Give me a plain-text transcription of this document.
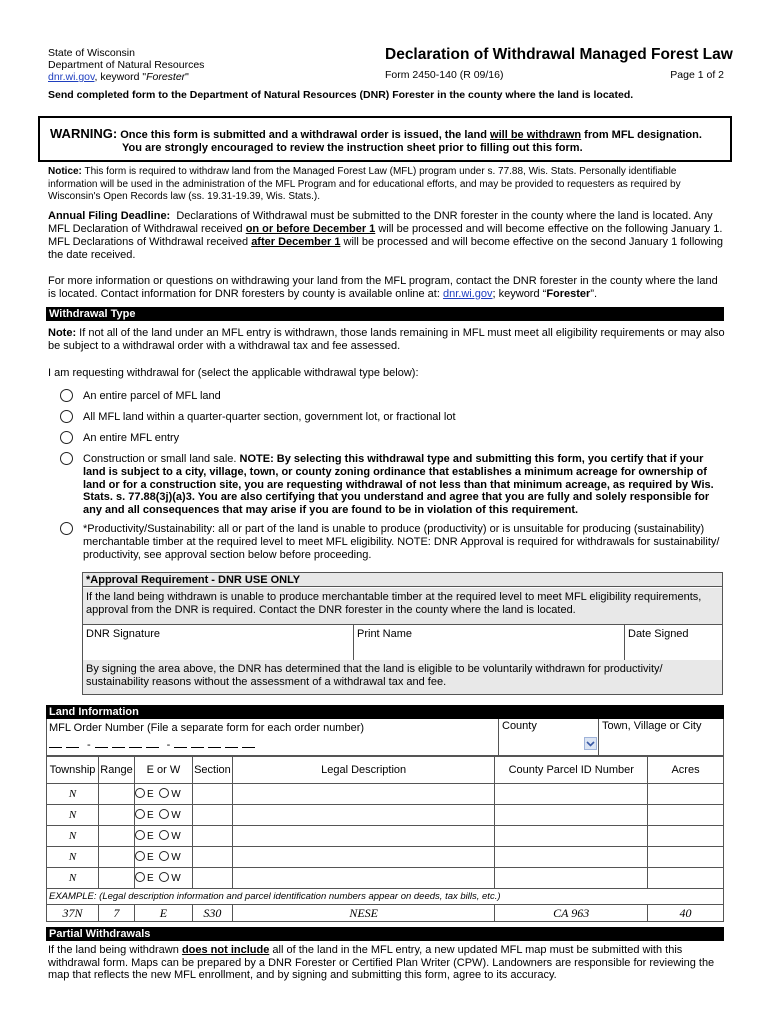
State of Wisconsin
Department of Natural Resources
dnr.wi.gov, keyword "Forester"
Declaration of Withdrawal Managed Forest Law
Form 2450-140 (R 09/16)	Page 1 of 2
Send completed form to the Department of Natural Resources (DNR) Forester in the county where the land is located.
WARNING: Once this form is submitted and a withdrawal order is issued, the land will be withdrawn from MFL designation.
You are strongly encouraged to review the instruction sheet prior to filling out this form.
Notice: This form is required to withdraw land from the Managed Forest Law (MFL) program under s. 77.88, Wis. Stats. Personally identifiable information will be used in the administration of the MFL Program and for educational efforts, and may be provided to requesters as required by Wisconsin's Open Records law (ss. 19.31-19.39, Wis. Stats.).
Annual Filing Deadline: Declarations of Withdrawal must be submitted to the DNR forester in the county where the land is located. Any MFL Declaration of Withdrawal received on or before December 1 will be processed and will become effective on the following January 1. MFL Declarations of Withdrawal received after December 1 will be processed and will become effective on the second January 1 following the date received.
For more information or questions on withdrawing your land from the MFL program, contact the DNR forester in the county where the land is located. Contact information for DNR foresters by county is available online at: dnr.wi.gov; keyword “Forester”.
Withdrawal Type
Note: If not all of the land under an MFL entry is withdrawn, those lands remaining in MFL must meet all eligibility requirements or may also be subject to a withdrawal order with a withdrawal tax and fee assessed.
I am requesting withdrawal for (select the applicable withdrawal type below):
An entire parcel of MFL land
All MFL land within a quarter-quarter section, government lot, or fractional lot
An entire MFL entry
Construction or small land sale. NOTE: By selecting this withdrawal type and submitting this form, you certify that if your land is subject to a city, village, town, or county zoning ordinance that establishes a minimum acreage for ownership of land or for a construction site, you are requesting withdrawal of not less than that minimum acreage, as required by Wis. Stats. s. 77.88(3j)(a)3. You are also certifying that you understand and agree that you are fully and solely responsible for any and all consequences that may arise if you are found to be in violation of this requirement.
*Productivity/Sustainability: all or part of the land is unable to produce (productivity) or is unsuitable for producing (sustainability) merchantable timber at the required level to meet MFL eligibility. NOTE: DNR Approval is required for withdrawals for sustainability/ productivity, see approval section below before proceeding.
*Approval Requirement - DNR USE ONLY
If the land being withdrawn is unable to produce merchantable timber at the required level to meet MFL eligibility requirements, approval from the DNR is required. Contact the DNR forester in the county where the land is located.
DNR Signature	Print Name	Date Signed
By signing the area above, the DNR has determined that the land is eligible to be voluntarily withdrawn for productivity/ sustainability reasons without the assessment of a withdrawal tax and fee.
Land Information
MFL Order Number (File a separate form for each order number)
-	-
County	Town, Village or City
Township	Range	E or W	Section	Legal Description	County Parcel ID Number	Acres
N		E W				
N		E W				
N		E W				
N		E W				
N		E W				
EXAMPLE: (Legal description information and parcel identification numbers appear on deeds, tax bills, etc.)						
37N	7	E	S30	NESE	CA 963	40
Partial Withdrawals
If the land being withdrawn does not include all of the land in the MFL entry, a new updated MFL map must be submitted with this withdrawal form. Maps can be prepared by a DNR Forester or Certified Plan Writer (CPW). Landowners are responsible for reviewing the map that reflects the new MFL enrollment, and by signing and submitting this form, agree to its accuracy.
